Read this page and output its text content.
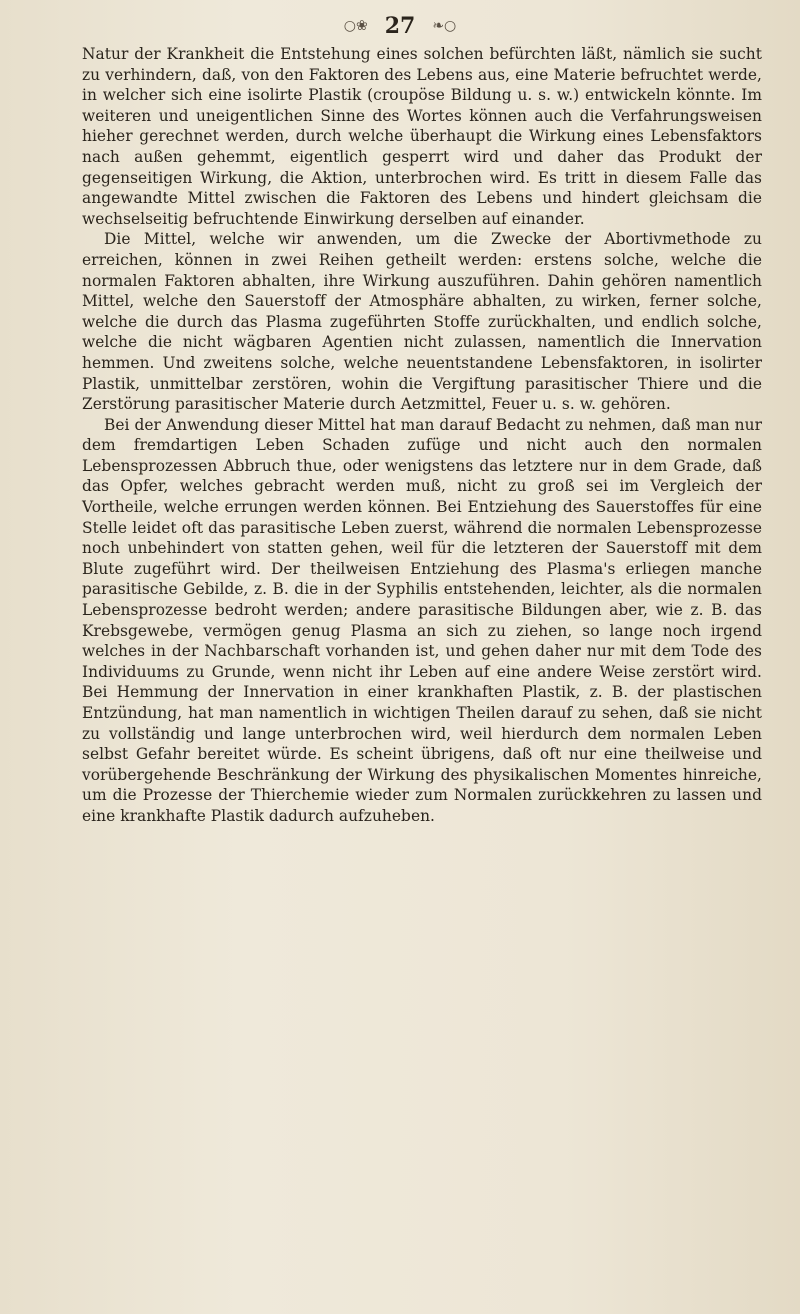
○❀ 27 ❧○

Natur der Krankheit die Entstehung eines solchen befürchten läßt, nämlich sie sucht zu verhindern, daß, von den Faktoren des Lebens aus, eine Materie befruchtet werde, in welcher sich eine isolirte Plastik (croupöse Bildung u. s. w.) entwickeln könnte. Im weiteren und uneigentlichen Sinne des Wortes können auch die Verfahrungsweisen hieher gerechnet werden, durch welche überhaupt die Wirkung eines Lebensfaktors nach außen gehemmt, eigentlich gesperrt wird und daher das Produkt der gegenseitigen Wirkung, die Aktion, unterbrochen wird. Es tritt in diesem Falle das angewandte Mittel zwischen die Faktoren des Lebens und hindert gleichsam die wechselseitig befruchtende Einwirkung derselben auf einander.

Die Mittel, welche wir anwenden, um die Zwecke der Abortivmethode zu erreichen, können in zwei Reihen getheilt werden: erstens solche, welche die normalen Faktoren abhalten, ihre Wirkung auszuführen. Dahin gehören namentlich Mittel, welche den Sauerstoff der Atmosphäre abhalten, zu wirken, ferner solche, welche die durch das Plasma zugeführten Stoffe zurückhalten, und endlich solche, welche die nicht wägbaren Agentien nicht zulassen, namentlich die Innervation hemmen. Und zweitens solche, welche neuentstandene Lebensfaktoren, in isolirter Plastik, unmittelbar zerstören, wohin die Vergiftung parasitischer Thiere und die Zerstörung parasitischer Materie durch Aetzmittel, Feuer u. s. w. gehören.

Bei der Anwendung dieser Mittel hat man darauf Bedacht zu nehmen, daß man nur dem fremdartigen Leben Schaden zufüge und nicht auch den normalen Lebensprozessen Abbruch thue, oder wenigstens das letztere nur in dem Grade, daß das Opfer, welches gebracht werden muß, nicht zu groß sei im Vergleich der Vortheile, welche errungen werden können. Bei Entziehung des Sauerstoffes für eine Stelle leidet oft das parasitische Leben zuerst, während die normalen Lebensprozesse noch unbehindert von statten gehen, weil für die letzteren der Sauerstoff mit dem Blute zugeführt wird. Der theilweisen Entziehung des Plasma's erliegen manche parasitische Gebilde, z. B. die in der Syphilis entstehenden, leichter, als die normalen Lebensprozesse bedroht werden; andere parasitische Bildungen aber, wie z. B. das Krebsgewebe, vermögen genug Plasma an sich zu ziehen, so lange noch irgend welches in der Nachbarschaft vorhanden ist, und gehen daher nur mit dem Tode des Individuums zu Grunde, wenn nicht ihr Leben auf eine andere Weise zerstört wird. Bei Hemmung der Innervation in einer krankhaften Plastik, z. B. der plastischen Entzündung, hat man namentlich in wichtigen Theilen darauf zu sehen, daß sie nicht zu vollständig und lange unterbrochen wird, weil hierdurch dem normalen Leben selbst Gefahr bereitet würde. Es scheint übrigens, daß oft nur eine theilweise und vorübergehende Beschränkung der Wirkung des physikalischen Momentes hinreiche, um die Prozesse der Thierchemie wieder zum Normalen zurückkehren zu lassen und eine krankhafte Plastik dadurch aufzuheben.
